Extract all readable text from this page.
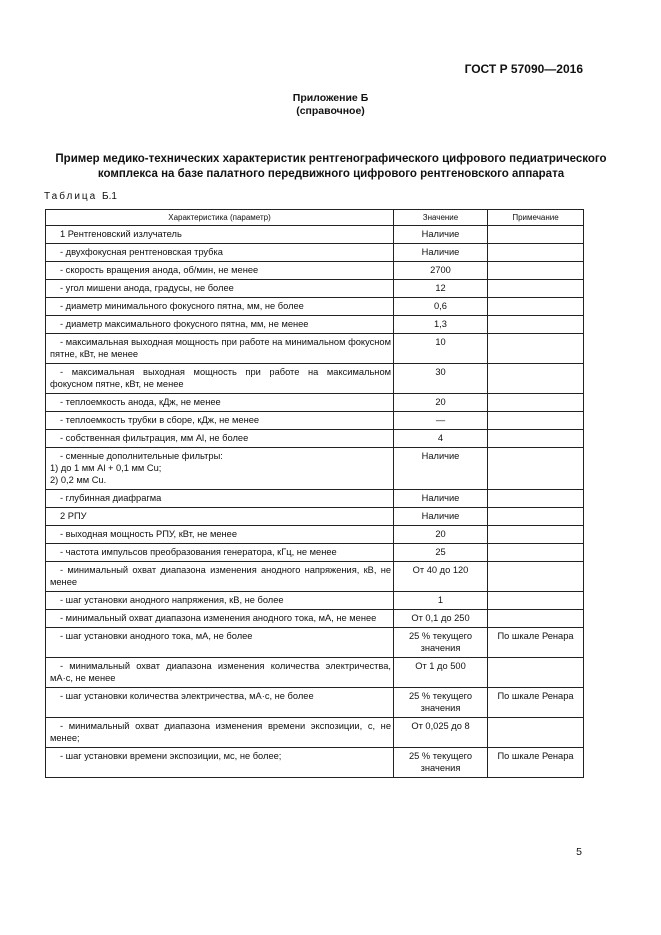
ГОСТ Р 57090—2016
Приложение Б
(справочное)
Пример медико-технических характеристик рентгенографического цифрового педиатрического комплекса на базе палатного передвижного цифрового рентгеновского аппарата
Таблица Б.1
Характеристика (параметр)	Значение	Примечание

1 Рентгеновский излучатель	Наличие	

- двухфокусная рентгеновская трубка	Наличие	

- скорость вращения анода, об/мин, не менее	2700	

- угол мишени анода, градусы, не более	12	

- диаметр минимального фокусного пятна, мм, не более	0,6	

- диаметр максимального фокусного пятна, мм, не менее	1,3	

- максимальная выходная мощность при работе на минимальном фокусном пятне, кВт, не менее	10	

- максимальная выходная мощность при работе на максимальном фокусном пятне, кВт, не менее	30	

- теплоемкость анода, кДж, не менее	20	

- теплоемкость трубки в сборе, кДж, не менее	—	

- собственная фильтрация, мм Al, не более	4	

- сменные дополнительные фильтры:
1) до 1 мм Al + 0,1 мм Cu;
2) 0,2 мм Cu.	Наличие	

- глубинная диафрагма	Наличие	

2 РПУ	Наличие	

- выходная мощность РПУ, кВт, не менее	20	

- частота импульсов преобразования генератора, кГц, не менее	25	

- минимальный охват диапазона изменения анодного напряжения, кВ, не менее	От 40 до 120	

- шаг установки анодного напряжения, кВ, не более	1	

- минимальный охват диапазона изменения анодного тока, мА, не менее	От 0,1 до 250	

- шаг установки анодного тока, мА, не более	25 % текущего значения	По шкале Ренара

- минимальный охват диапазона изменения количества электричества, мА·с, не менее	От 1 до 500	

- шаг установки количества электричества, мА·с, не более	25 % текущего значения	По шкале Ренара

- минимальный охват диапазона изменения времени экспозиции, с, не менее;	От 0,025 до 8	

- шаг установки времени экспозиции, мс, не более;	25 % текущего значения	По шкале Ренара
5
